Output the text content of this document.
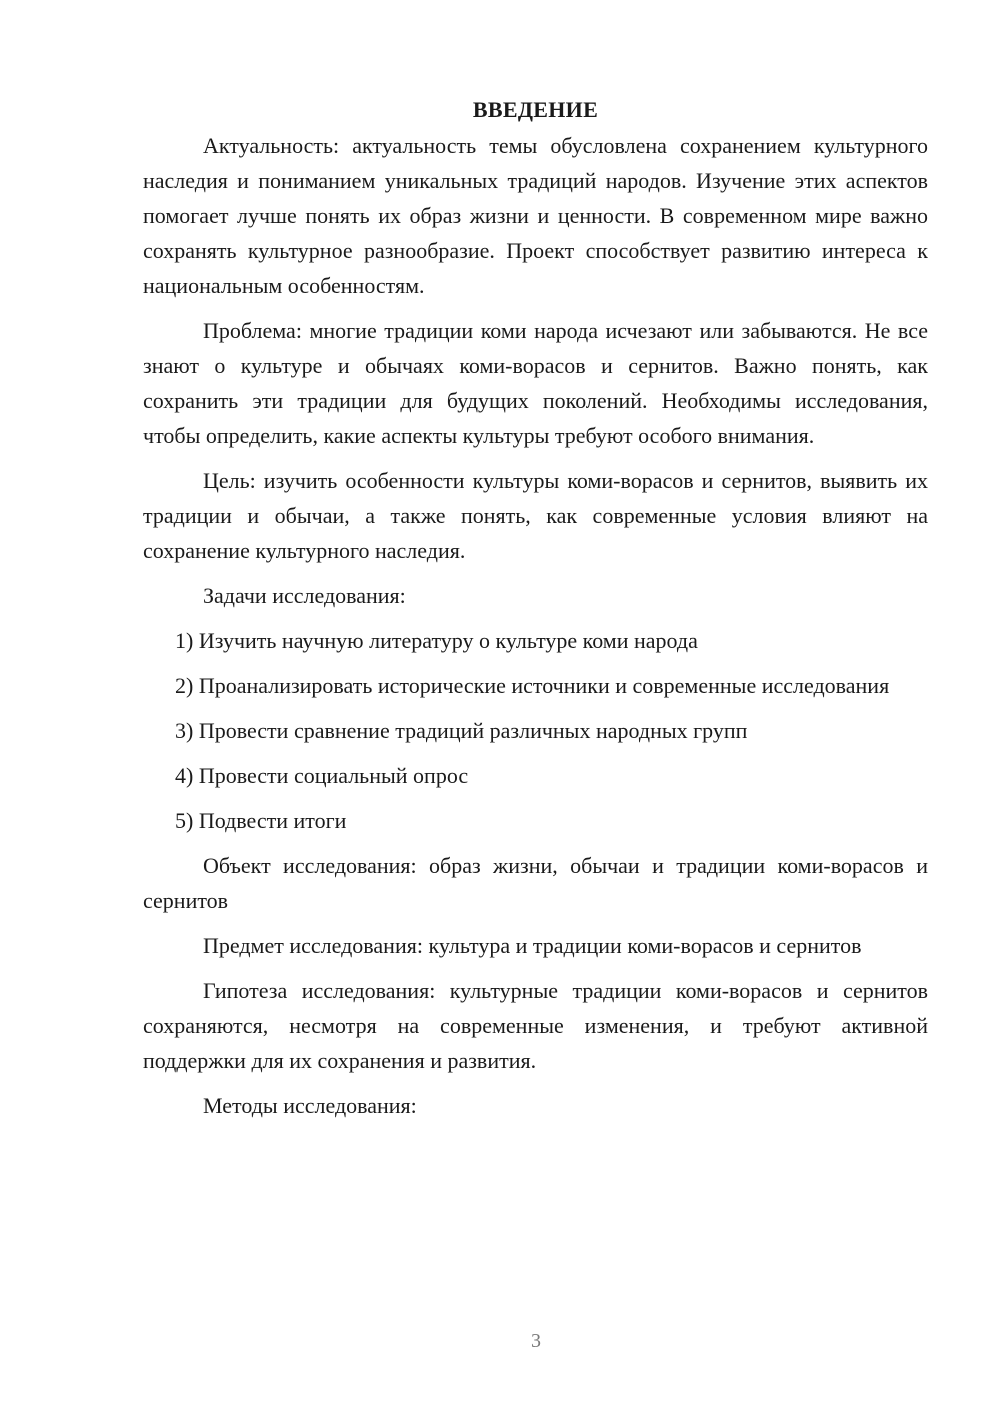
ВВЕДЕНИЕ

Актуальность: актуальность темы обусловлена сохранением культурного наследия и пониманием уникальных традиций народов. Изучение этих аспектов помогает лучше понять их образ жизни и ценности. В современном мире важно сохранять культурное разнообразие. Проект способствует развитию интереса к национальным особенностям.

Проблема: многие традиции коми народа исчезают или забываются. Не все знают о культуре и обычаях коми-ворасов и сернитов. Важно понять, как сохранить эти традиции для будущих поколений. Необходимы исследования, чтобы определить, какие аспекты культуры требуют особого внимания.

Цель: изучить особенности культуры коми-ворасов и сернитов, выявить их традиции и обычаи, а также понять, как современные условия влияют на сохранение культурного наследия.

Задачи исследования:

1) Изучить научную литературу о культуре коми народа

2) Проанализировать исторические источники и современные исследования

3) Провести сравнение традиций различных народных групп

4) Провести социальный опрос

5) Подвести итоги

Объект исследования: образ жизни, обычаи и традиции коми-ворасов и сернитов

Предмет исследования: культура и традиции коми-ворасов и сернитов

Гипотеза исследования: культурные традиции коми-ворасов и сернитов сохраняются, несмотря на современные изменения, и требуют активной поддержки для их сохранения и развития.

Методы исследования:

3
